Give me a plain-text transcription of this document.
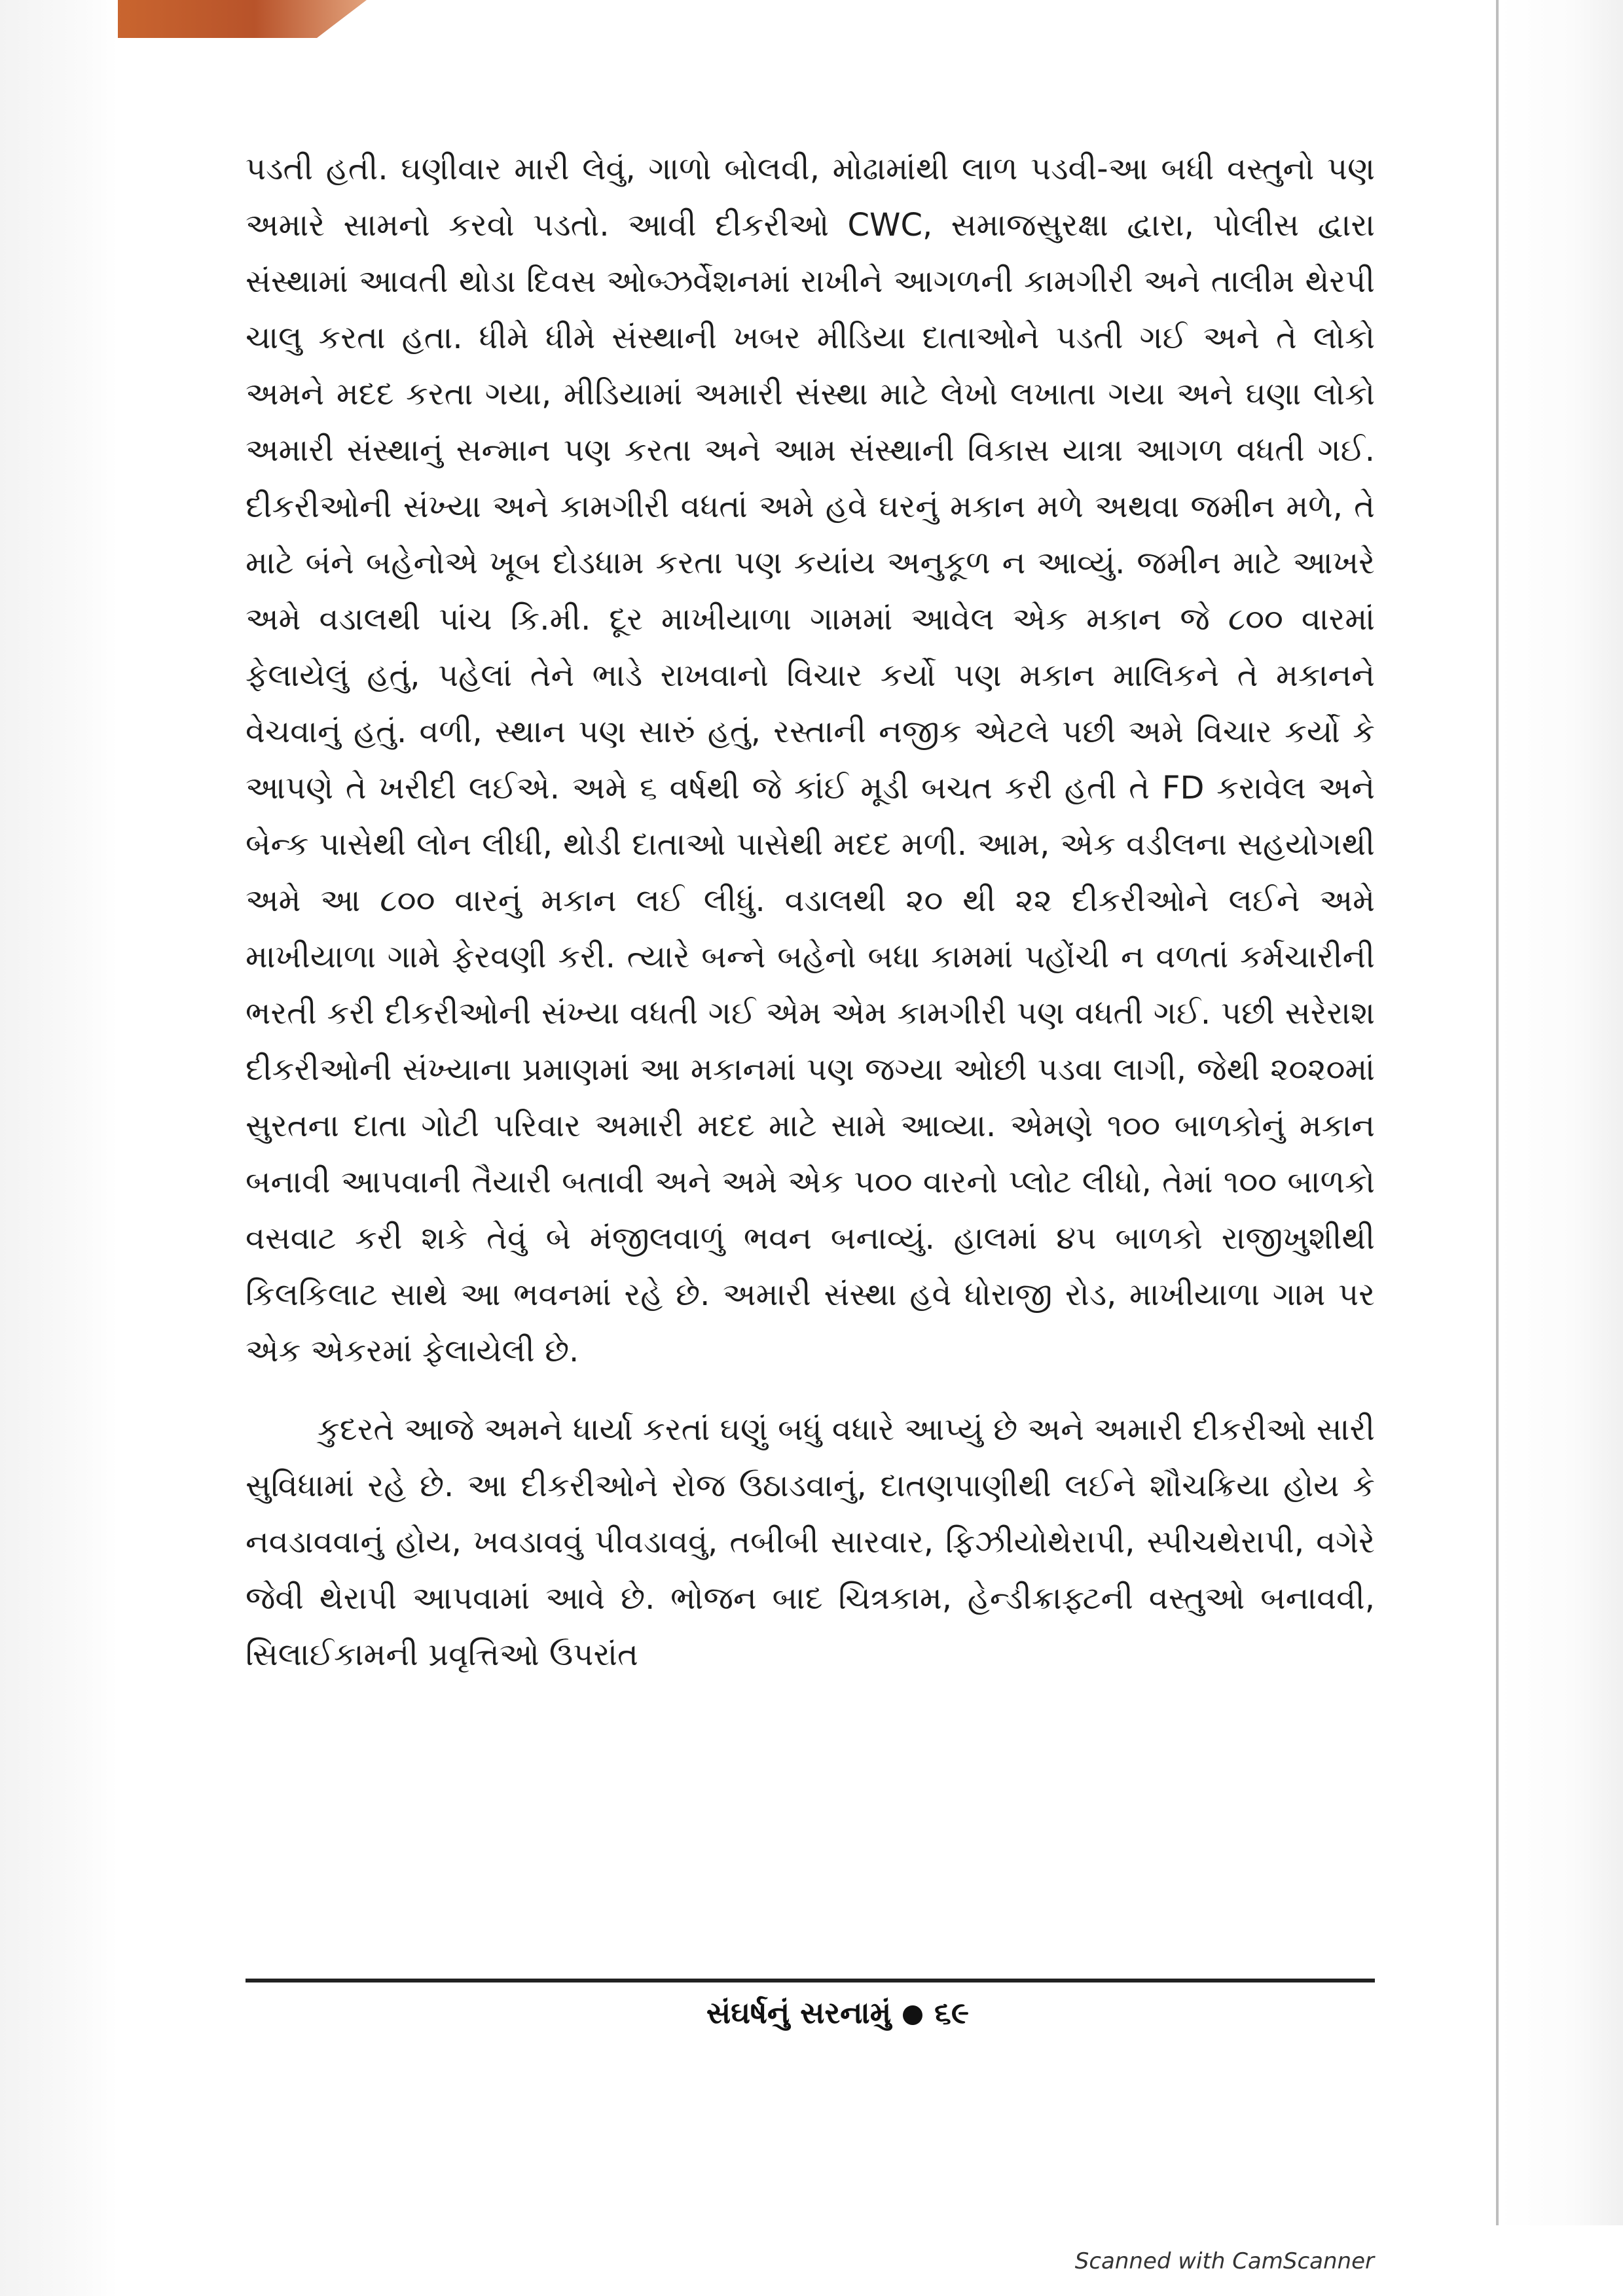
પડતી હતી. ઘણીવાર મારી લેવું, ગાળો બોલવી, મોઢામાંથી લાળ પડવી-આ બધી વસ્તુનો પણ અમારે સામનો કરવો પડતો. આવી દીકરીઓ CWC, સમાજસુરક્ષા દ્વારા, પોલીસ દ્વારા સંસ્થામાં આવતી થોડા દિવસ ઓબ્ઝર્વેશનમાં રાખીને આગળની કામગીરી અને તાલીમ થેરપી ચાલુ કરતા હતા. ધીમે ધીમે સંસ્થાની ખબર મીડિયા દાતાઓને પડતી ગઈ અને તે લોકો અમને મદદ કરતા ગયા, મીડિયામાં અમારી સંસ્થા માટે લેખો લખાતા ગયા અને ઘણા લોકો અમારી સંસ્થાનું સન્માન પણ કરતા અને આમ સંસ્થાની વિકાસ યાત્રા આગળ વધતી ગઈ. દીકરીઓની સંખ્યા અને કામગીરી વધતાં અમે હવે ઘરનું મકાન મળે અથવા જમીન મળે, તે માટે બંને બહેનોએ ખૂબ દોડધામ કરતા પણ કયાંય અનુકૂળ ન આવ્યું. જમીન માટે આખરે અમે વડાલથી પાંચ કિ.મી. દૂર માખીયાળા ગામમાં આવેલ એક મકાન જે ૮૦૦ વારમાં ફેલાયેલું હતું, પહેલાં તેને ભાડે રાખવાનો વિચાર કર્યો પણ મકાન માલિકને તે મકાનને વેચવાનું હતું. વળી, સ્થાન પણ સારું હતું, રસ્તાની નજીક એટલે પછી અમે વિચાર કર્યો કે આપણે તે ખરીદી લઈએ. અમે ૬ વર્ષથી જે કાંઈ મૂડી બચત કરી હતી તે FD કરાવેલ અને બેન્ક પાસેથી લોન લીધી, થોડી દાતાઓ પાસેથી મદદ મળી. આમ, એક વડીલના સહયોગથી અમે આ ૮૦૦ વારનું મકાન લઈ લીધું. વડાલથી ૨૦ થી ૨૨ દીકરીઓને લઈને અમે માખીયાળા ગામે ફેરવણી કરી. ત્યારે બન્ને બહેનો બધા કામમાં પહોંચી ન વળતાં કર્મચારીની ભરતી કરી દીકરીઓની સંખ્યા વધતી ગઈ એમ એમ કામગીરી પણ વધતી ગઈ. પછી સરેરાશ દીકરીઓની સંખ્યાના પ્રમાણમાં આ મકાનમાં પણ જગ્યા ઓછી પડવા લાગી, જેથી ૨૦૨૦માં સુરતના દાતા ગોટી પરિવાર અમારી મદદ માટે સામે આવ્યા. એમણે ૧૦૦ બાળકોનું મકાન બનાવી આપવાની તૈયારી બતાવી અને અમે એક ૫૦૦ વારનો પ્લોટ લીધો, તેમાં ૧૦૦ બાળકો વસવાટ કરી શકે તેવું બે મંજીલવાળું ભવન બનાવ્યું. હાલમાં ૪૫ બાળકો રાજીખુશીથી કિલકિલાટ સાથે આ ભવનમાં રહે છે. અમારી સંસ્થા હવે ધોરાજી રોડ, માખીયાળા ગામ પર એક એકરમાં ફેલાયેલી છે.

કુદરતે આજે અમને ધાર્યા કરતાં ઘણું બધું વધારે આપ્યું છે અને અમારી દીકરીઓ સારી સુવિધામાં રહે છે. આ દીકરીઓને રોજ ઉઠાડવાનું, દાતણપાણીથી લઈને શૌચક્રિયા હોય કે નવડાવવાનું હોય, ખવડાવવું પીવડાવવું, તબીબી સારવાર, ફિઝીયોથેરાપી, સ્પીચથેરાપી, વગેરે જેવી થેરાપી આપવામાં આવે છે. ભોજન બાદ ચિત્રકામ, હેન્ડીક્રાફ્ટની વસ્તુઓ બનાવવી, સિલાઈકામની પ્રવૃત્તિઓ ઉપરાંત

સંઘર્ષનું સરનામું ૬૯
Scanned with CamScanner
